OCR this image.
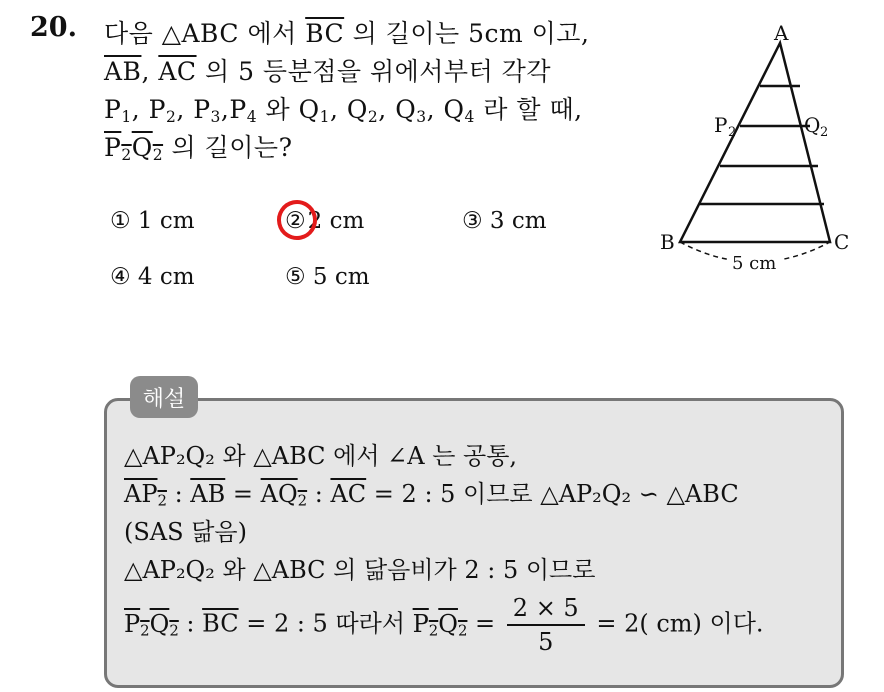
20. 다음 △ABC 에서 $\overline{BC}$ 의 길이는 5cm 이고,
$\overline{AB}$, $\overline{AC}$ 의 5 등분점을 위에서부터 각각
$P_1$, $P_2$, $P_3,P_4$ 와 $Q_1$, $Q_2$, $Q_3$, $Q_4$ 라 할 때,
$P_2Q_2$ 의 길이는?
① 1 cm	②2 cm	③ 3 cm
④ 4 cm	⑤ 5 cm
A
B	C
P 2	Q 2
5 cm
해설
△AP₂Q₂ 와 △ABC 에서 ∠A 는 공통,
$AP_2$ : $\overline{AB} = AQ_2$ : $\overline{AC} = 2$ : 5 이므로 △AP₂Q₂ ∽ △ABC
(SAS 닮음)
△AP₂Q₂ 와 △ABC 의 닮음비가 2 : 5 이므로
$P_2Q_2$ : $\overline{BC} = 2$ : 5 따라서 $P_2Q_2 = \frac{2 \times 5}{5} = 2$( cm) 이다.
